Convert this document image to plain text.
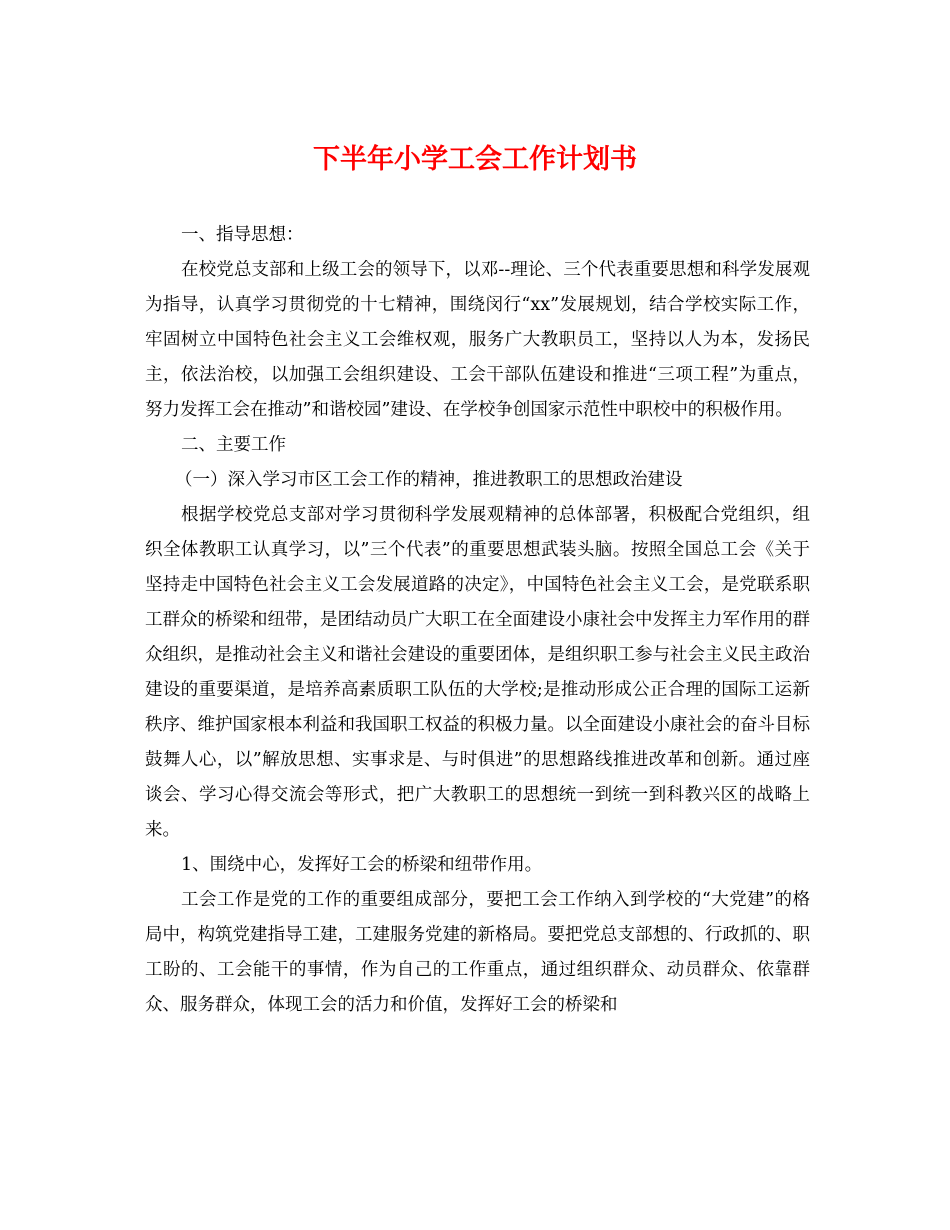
下半年小学工会工作计划书

一、指导思想：

在校党总支部和上级工会的领导下，以邓--理论、三个代表重要思想和科学发展观为指导，认真学习贯彻党的十七精神，围绕闵行“xx”发展规划，结合学校实际工作，牢固树立中国特色社会主义工会维权观，服务广大教职员工，坚持以人为本，发扬民主，依法治校，以加强工会组织建设、工会干部队伍建设和推进“三项工程”为重点，努力发挥工会在推动”和谐校园”建设、在学校争创国家示范性中职校中的积极作用。

二、主要工作

（一）深入学习市区工会工作的精神，推进教职工的思想政治建设

根据学校党总支部对学习贯彻科学发展观精神的总体部署，积极配合党组织，组织全体教职工认真学习，以”三个代表”的重要思想武装头脑。按照全国总工会《关于坚持走中国特色社会主义工会发展道路的决定》，中国特色社会主义工会，是党联系职工群众的桥梁和纽带，是团结动员广大职工在全面建设小康社会中发挥主力军作用的群众组织，是推动社会主义和谐社会建设的重要团体，是组织职工参与社会主义民主政治建设的重要渠道，是培养高素质职工队伍的大学校;是推动形成公正合理的国际工运新秩序、维护国家根本利益和我国职工权益的积极力量。以全面建设小康社会的奋斗目标鼓舞人心，以”解放思想、实事求是、与时俱进”的思想路线推进改革和创新。通过座谈会、学习心得交流会等形式，把广大教职工的思想统一到统一到科教兴区的战略上来。

1、围绕中心，发挥好工会的桥梁和纽带作用。

工会工作是党的工作的重要组成部分，要把工会工作纳入到学校的“大党建”的格局中，构筑党建指导工建，工建服务党建的新格局。要把党总支部想的、行政抓的、职工盼的、工会能干的事情，作为自己的工作重点，通过组织群众、动员群众、依靠群众、服务群众，体现工会的活力和价值，发挥好工会的桥梁和
